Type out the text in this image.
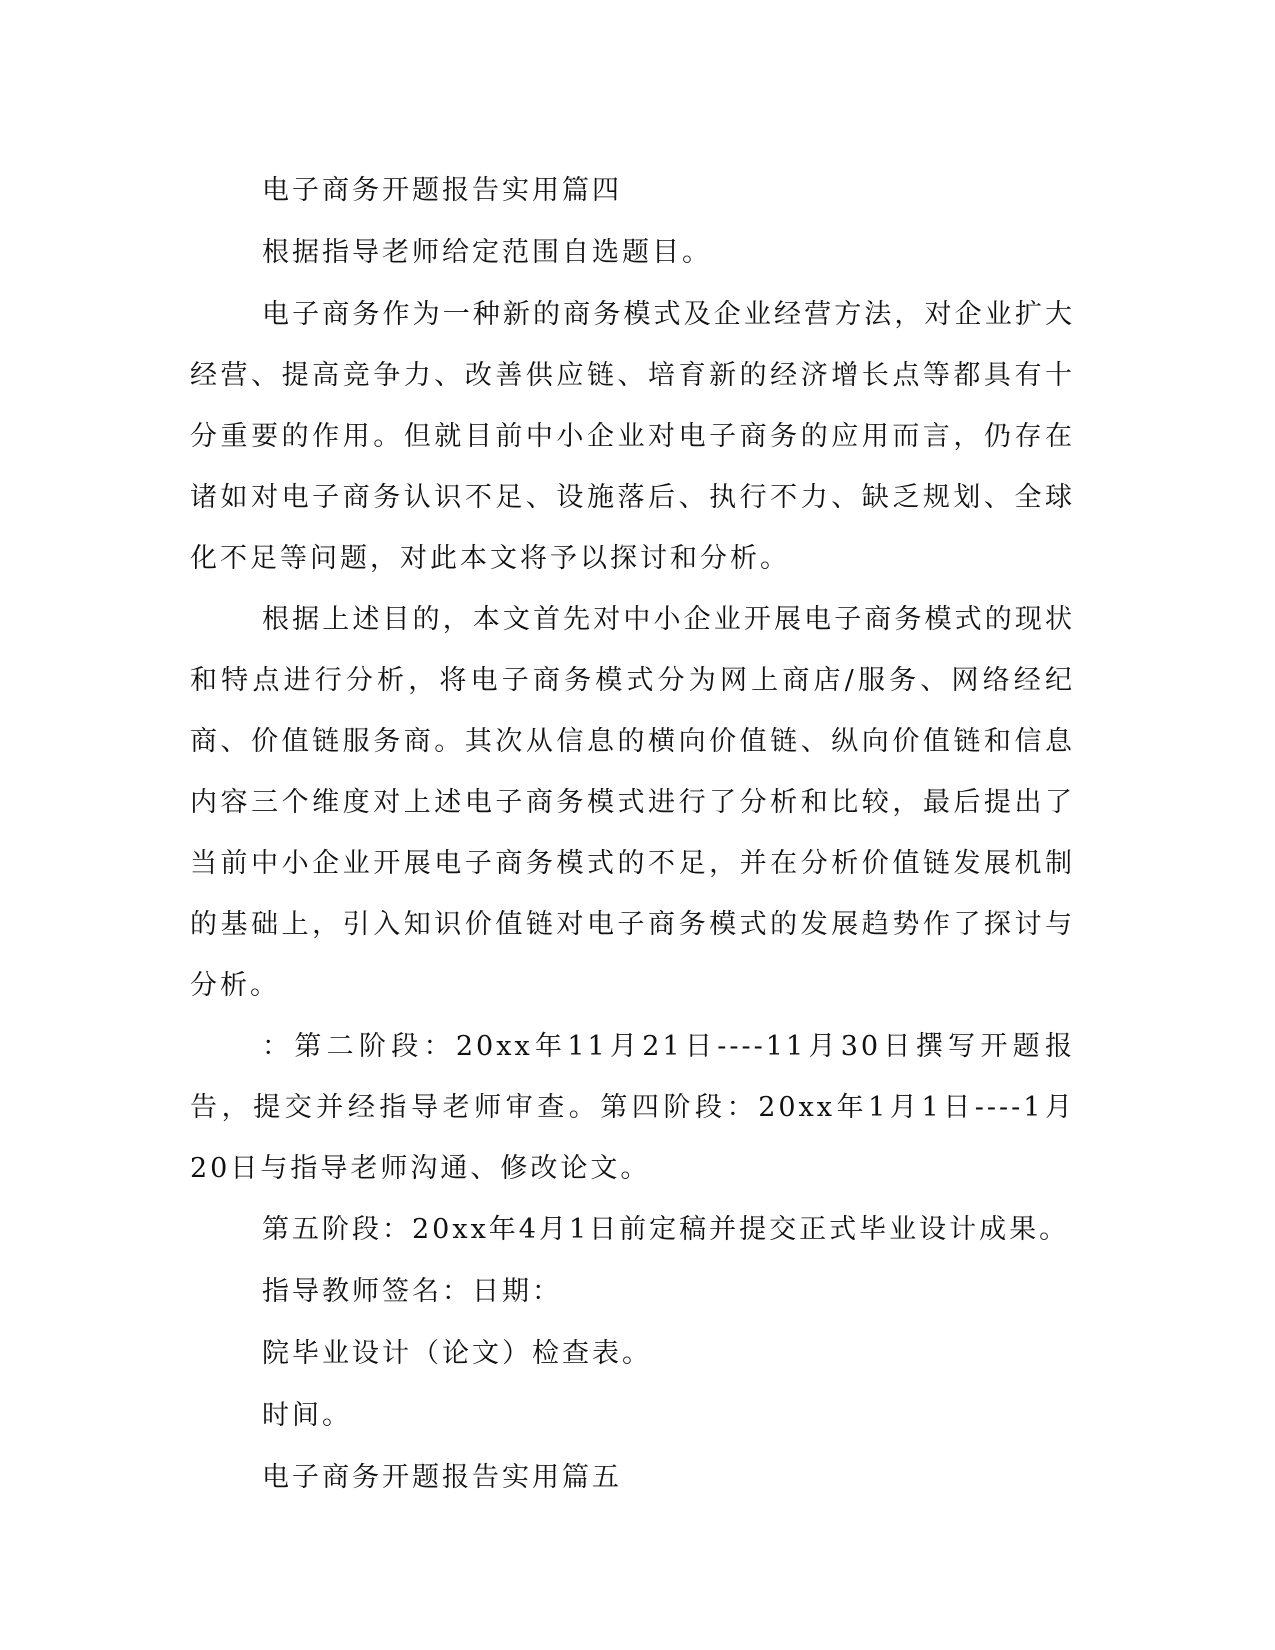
电子商务开题报告实用篇四

根据指导老师给定范围自选题目。

电子商务作为一种新的商务模式及企业经营方法，对企业扩大经营、提高竞争力、改善供应链、培育新的经济增长点等都具有十分重要的作用。但就目前中小企业对电子商务的应用而言，仍存在诸如对电子商务认识不足、设施落后、执行不力、缺乏规划、全球化不足等问题，对此本文将予以探讨和分析。

根据上述目的，本文首先对中小企业开展电子商务模式的现状和特点进行分析，将电子商务模式分为网上商店/服务、网络经纪商、价值链服务商。其次从信息的横向价值链、纵向价值链和信息内容三个维度对上述电子商务模式进行了分析和比较，最后提出了当前中小企业开展电子商务模式的不足，并在分析价值链发展机制的基础上，引入知识价值链对电子商务模式的发展趋势作了探讨与分析。

：第二阶段：20xx年11月21日----11月30日撰写开题报告，提交并经指导老师审查。第四阶段：20xx年1月1日----1月20日与指导老师沟通、修改论文。

第五阶段：20xx年4月1日前定稿并提交正式毕业设计成果。

指导教师签名：日期：

院毕业设计（论文）检查表。

时间。

电子商务开题报告实用篇五
